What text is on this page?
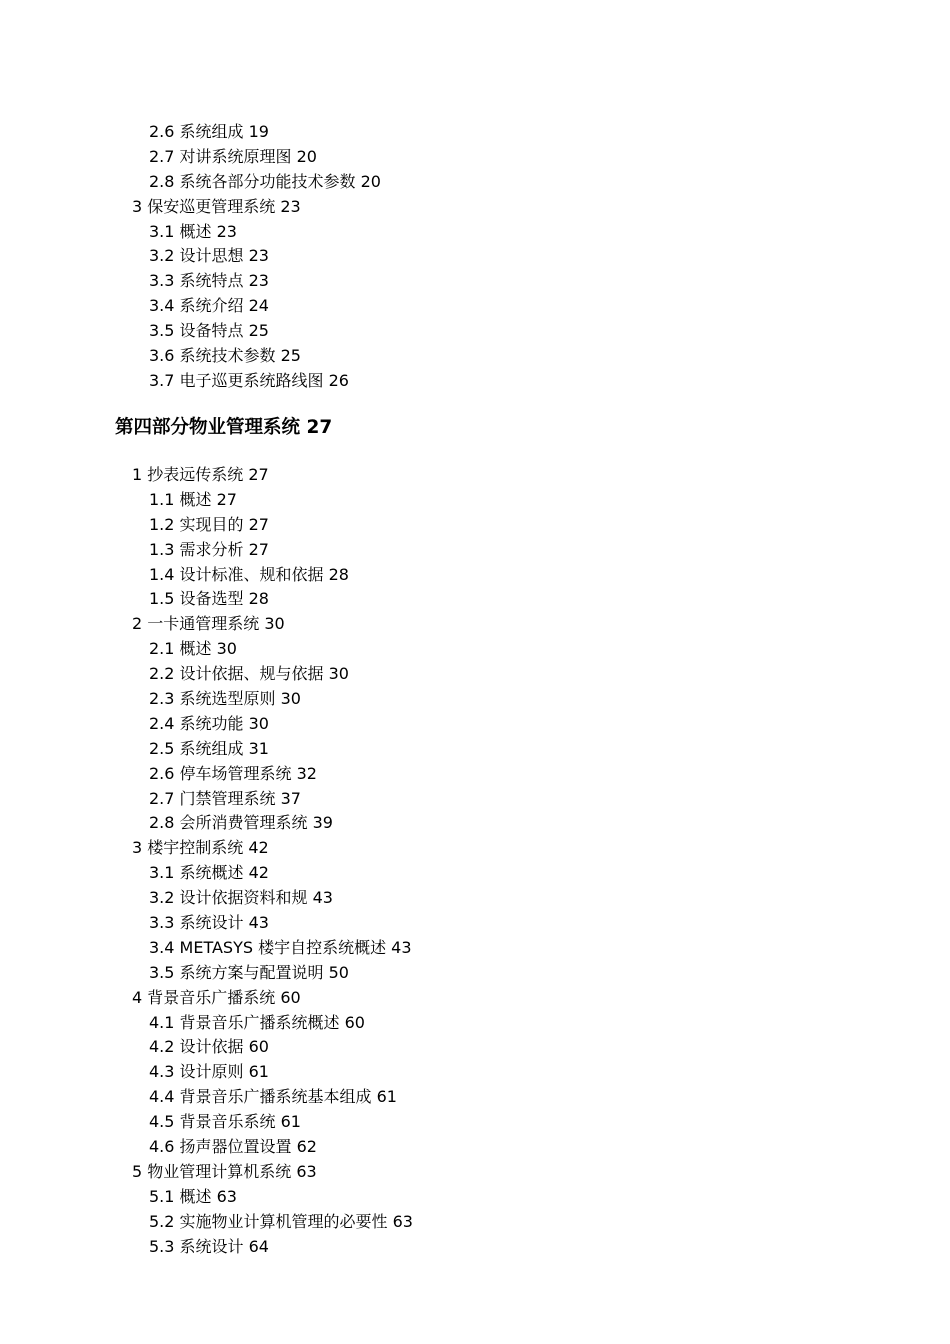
2.6 系统组成 19
2.7 对讲系统原理图 20
2.8 系统各部分功能技术参数 20
3 保安巡更管理系统 23
3.1 概述 23
3.2 设计思想 23
3.3 系统特点 23
3.4 系统介绍 24
3.5 设备特点 25
3.6 系统技术参数 25
3.7 电子巡更系统路线图 26
第四部分物业管理系统 27
1 抄表远传系统 27
1.1 概述 27
1.2 实现目的 27
1.3 需求分析 27
1.4 设计标准、规和依据 28
1.5 设备选型 28
2 一卡通管理系统 30
2.1 概述 30
2.2 设计依据、规与依据 30
2.3 系统选型原则 30
2.4 系统功能 30
2.5 系统组成 31
2.6 停车场管理系统 32
2.7 门禁管理系统 37
2.8 会所消费管理系统 39
3 楼宇控制系统 42
3.1 系统概述 42
3.2 设计依据资料和规 43
3.3 系统设计 43
3.4 METASYS 楼宇自控系统概述 43
3.5 系统方案与配置说明 50
4 背景音乐广播系统 60
4.1 背景音乐广播系统概述 60
4.2 设计依据 60
4.3 设计原则 61
4.4 背景音乐广播系统基本组成 61
4.5 背景音乐系统 61
4.6 扬声器位置设置 62
5 物业管理计算机系统 63
5.1 概述 63
5.2 实施物业计算机管理的必要性 63
5.3 系统设计 64
